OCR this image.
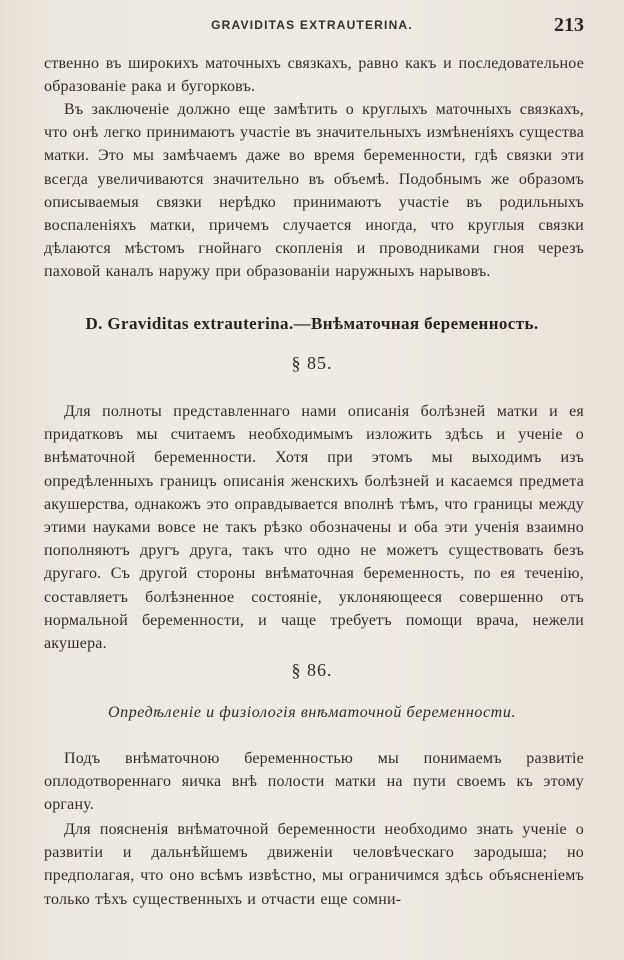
GRAVIDITAS EXTRAUTERINA.	213

ственно въ широкихъ маточныхъ связкахъ, равно какъ и последовательное образованіе рака и бугорковъ.

Въ заключеніе должно еще замѣтить о круглыхъ маточныхъ связкахъ, что онѣ легко принимаютъ участіе въ значительныхъ измѣненіяхъ существа матки. Это мы замѣчаемъ даже во время беременности, гдѣ связки эти всегда увеличиваются значительно въ объемѣ. Подобнымъ же образомъ описываемыя связки нерѣдко принимаютъ участіе въ родильныхъ воспаленіяхъ матки, причемъ случается иногда, что круглыя связки дѣлаются мѣстомъ гнойнаго скопленія и проводниками гноя черезъ паховой каналъ наружу при образованіи наружныхъ нарывовъ.

D. Graviditas extrauterina.—Внѣматочная беременность.
§ 85.

Для полноты представленнаго нами описанія болѣзней матки и ея придатковъ мы считаемъ необходимымъ изложить здѣсь и ученіе о внѣматочной беременности. Хотя при этомъ мы выходимъ изъ опредѣленныхъ границъ описанія женскихъ болѣзней и касаемся предмета акушерства, однакожъ это оправдывается вполнѣ тѣмъ, что границы между этими науками вовсе не такъ рѣзко обозначены и оба эти ученія взаимно пополняютъ другъ друга, такъ что одно не можетъ существовать безъ другаго. Съ другой стороны внѣматочная беременность, по ея теченію, составляетъ болѣзненное состояніе, уклоняющееся совершенно отъ нормальной беременности, и чаще требуетъ помощи врача, нежели акушера.

§ 86.
Опредѣленіе и физіологія внѣматочной беременности.

Подъ внѣматочною беременностью мы понимаемъ развитіе оплодотвореннаго яичка внѣ полости матки на пути своемъ къ этому органу.

Для поясненія внѣматочной беременности необходимо знать ученіе о развитіи и дальнѣйшемъ движеніи человѣческаго зародыша; но предполагая, что оно всѣмъ извѣстно, мы ограничимся здѣсь объясненіемъ только тѣхъ существенныхъ и отчасти еще сомни-
